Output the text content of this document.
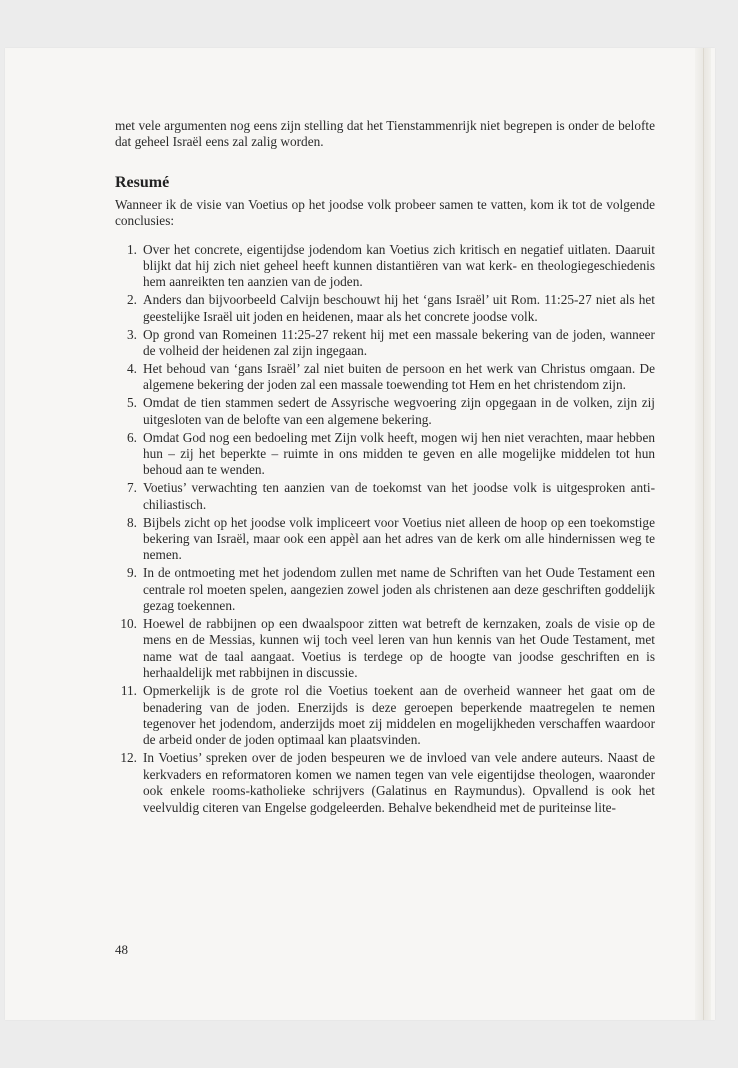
met vele argumenten nog eens zijn stelling dat het Tienstammenrijk niet begrepen is onder de belofte dat geheel Israël eens zal zalig worden.

Resumé

Wanneer ik de visie van Voetius op het joodse volk probeer samen te vatten, kom ik tot de volgende conclusies:

1. Over het concrete, eigentijdse jodendom kan Voetius zich kritisch en negatief uitlaten. Daaruit blijkt dat hij zich niet geheel heeft kunnen distantiëren van wat kerk- en theologiegeschiedenis hem aanreikten ten aanzien van de joden.
2. Anders dan bijvoorbeeld Calvijn beschouwt hij het ‘gans Israël’ uit Rom. 11:25-27 niet als het geestelijke Israël uit joden en heidenen, maar als het concrete joodse volk.
3. Op grond van Romeinen 11:25-27 rekent hij met een massale bekering van de joden, wanneer de volheid der heidenen zal zijn ingegaan.
4. Het behoud van ‘gans Israël’ zal niet buiten de persoon en het werk van Christus omgaan. De algemene bekering der joden zal een massale toewending tot Hem en het christendom zijn.
5. Omdat de tien stammen sedert de Assyrische wegvoering zijn opgegaan in de volken, zijn zij uitgesloten van de belofte van een algemene bekering.
6. Omdat God nog een bedoeling met Zijn volk heeft, mogen wij hen niet verachten, maar hebben hun – zij het beperkte – ruimte in ons midden te geven en alle mogelijke middelen tot hun behoud aan te wenden.
7. Voetius’ verwachting ten aanzien van de toekomst van het joodse volk is uitgesproken anti-chiliastisch.
8. Bijbels zicht op het joodse volk impliceert voor Voetius niet alleen de hoop op een toekomstige bekering van Israël, maar ook een appèl aan het adres van de kerk om alle hindernissen weg te nemen.
9. In de ontmoeting met het jodendom zullen met name de Schriften van het Oude Testament een centrale rol moeten spelen, aangezien zowel joden als christenen aan deze geschriften goddelijk gezag toekennen.
10. Hoewel de rabbijnen op een dwaalspoor zitten wat betreft de kernzaken, zoals de visie op de mens en de Messias, kunnen wij toch veel leren van hun kennis van het Oude Testament, met name wat de taal aangaat. Voetius is terdege op de hoogte van joodse geschriften en is herhaaldelijk met rabbijnen in discussie.
11. Opmerkelijk is de grote rol die Voetius toekent aan de overheid wanneer het gaat om de benadering van de joden. Enerzijds is deze geroepen beperkende maatregelen te nemen tegenover het jodendom, anderzijds moet zij middelen en mogelijkheden verschaffen waardoor de arbeid onder de joden optimaal kan plaatsvinden.
12. In Voetius’ spreken over de joden bespeuren we de invloed van vele andere auteurs. Naast de kerkvaders en reformatoren komen we namen tegen van vele eigentijdse theologen, waaronder ook enkele rooms-katholieke schrijvers (Galatinus en Raymundus). Opvallend is ook het veelvuldig citeren van Engelse godgeleerden. Behalve bekendheid met de puriteinse lite-
48
